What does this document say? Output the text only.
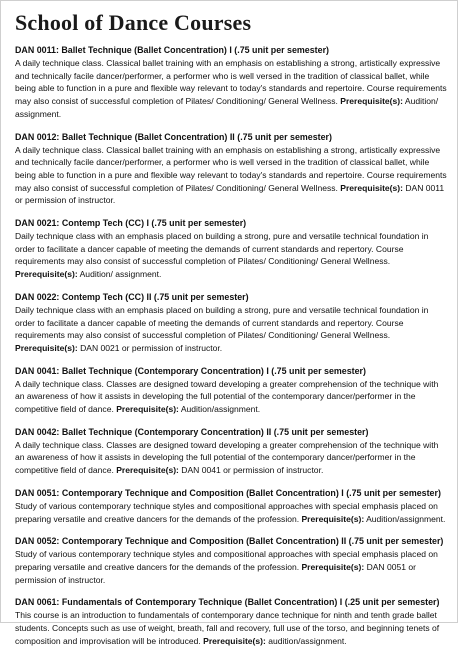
School of Dance Courses
DAN 0011: Ballet Technique (Ballet Concentration) I (.75 unit per semester)

A daily technique class. Classical ballet training with an emphasis on establishing a strong, artistically expressive and technically facile dancer/performer, a performer who is well versed in the tradition of classical ballet, while being able to function in a pure and flexible way relevant to today's standards and repertoire. Course requirements may also consist of successful completion of Pilates/ Conditioning/ General Wellness. Prerequisite(s): Audition/ assignment.

DAN 0012: Ballet Technique (Ballet Concentration) II (.75 unit per semester)

A daily technique class. Classical ballet training with an emphasis on establishing a strong, artistically expressive and technically facile dancer/performer, a performer who is well versed in the tradition of classical ballet, while being able to function in a pure and flexible way relevant to today's standards and repertoire. Course requirements may also consist of successful completion of Pilates/ Conditioning/ General Wellness. Prerequisite(s): DAN 0011 or permission of instructor.

DAN 0021: Contemp Tech (CC) I (.75 unit per semester)

Daily technique class with an emphasis placed on building a strong, pure and versatile technical foundation in order to facilitate a dancer capable of meeting the demands of current standards and repertory. Course requirements may also consist of successful completion of Pilates/ Conditioning/ General Wellness. Prerequisite(s): Audition/ assignment.

DAN 0022: Contemp Tech (CC) II (.75 unit per semester)

Daily technique class with an emphasis placed on building a strong, pure and versatile technical foundation in order to facilitate a dancer capable of meeting the demands of current standards and repertory. Course requirements may also consist of successful completion of Pilates/ Conditioning/ General Wellness. Prerequisite(s): DAN 0021 or permission of instructor.

DAN 0041: Ballet Technique (Contemporary Concentration) I (.75 unit per semester)

A daily technique class. Classes are designed toward developing a greater comprehension of the technique with an awareness of how it assists in developing the full potential of the contemporary dancer/performer in the competitive field of dance. Prerequisite(s): Audition/assignment.

DAN 0042: Ballet Technique (Contemporary Concentration) II (.75 unit per semester)

A daily technique class. Classes are designed toward developing a greater comprehension of the technique with an awareness of how it assists in developing the full potential of the contemporary dancer/performer in the competitive field of dance. Prerequisite(s): DAN 0041 or permission of instructor.

DAN 0051: Contemporary Technique and Composition (Ballet Concentration) I (.75 unit per semester)

Study of various contemporary technique styles and compositional approaches with special emphasis placed on preparing versatile and creative dancers for the demands of the profession. Prerequisite(s): Audition/assignment.

DAN 0052: Contemporary Technique and Composition (Ballet Concentration) II (.75 unit per semester)

Study of various contemporary technique styles and compositional approaches with special emphasis placed on preparing versatile and creative dancers for the demands of the profession. Prerequisite(s): DAN 0051 or permission of instructor.

DAN 0061: Fundamentals of Contemporary Technique (Ballet Concentration) I (.25 unit per semester)

This course is an introduction to fundamentals of contemporary dance technique for ninth and tenth grade ballet students. Concepts such as use of weight, breath, fall and recovery, full use of the torso, and beginning tenets of composition and improvisation will be introduced. Prerequisite(s): audition/assignment.
